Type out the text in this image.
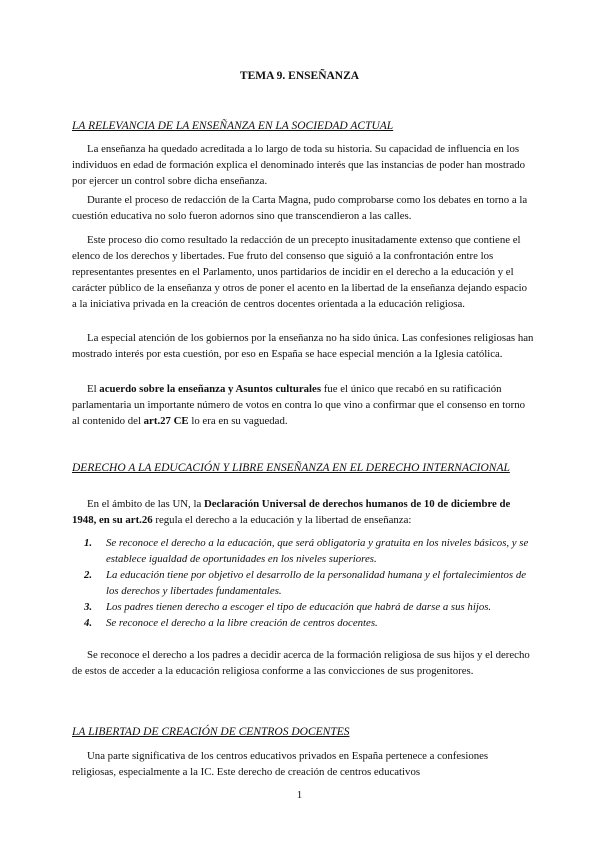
TEMA 9. ENSEÑANZA
LA RELEVANCIA DE LA ENSEÑANZA EN LA SOCIEDAD ACTUAL

La enseñanza ha quedado acreditada a lo largo de toda su historia. Su capacidad de influencia en los individuos en edad de formación explica el denominado interés que las instancias de poder han mostrado por ejercer un control sobre dicha enseñanza.

Durante el proceso de redacción de la Carta Magna, pudo comprobarse como los debates en torno a la cuestión educativa no solo fueron adornos sino que transcendieron a las calles.

Este proceso dio como resultado la redacción de un precepto inusitadamente extenso que contiene el elenco de los derechos y libertades. Fue fruto del consenso que siguió a la confrontación entre los representantes presentes en el Parlamento, unos partidarios de incidir en el derecho a la educación y el carácter público de la enseñanza y otros de poner el acento en la libertad de la enseñanza dejando espacio a la iniciativa privada en la creación de centros docentes orientada a la educación religiosa.

La especial atención de los gobiernos por la enseñanza no ha sido única. Las confesiones religiosas han mostrado interés por esta cuestión, por eso en España se hace especial mención a la Iglesia católica.

El acuerdo sobre la enseñanza y Asuntos culturales fue el único que recabó en su ratificación parlamentaria un importante número de votos en contra lo que vino a confirmar que el consenso en torno al contenido del art.27 CE lo era en su vaguedad.

DERECHO A LA EDUCACIÓN Y LIBRE ENSEÑANZA EN EL DERECHO INTERNACIONAL

En el ámbito de las UN, la Declaración Universal de derechos humanos de 10 de diciembre de 1948, en su art.26 regula el derecho a la educación y la libertad de enseñanza:

1. Se reconoce el derecho a la educación, que será obligatoria y gratuita en los niveles básicos, y se establece igualdad de oportunidades en los niveles superiores.
2. La educación tiene por objetivo el desarrollo de la personalidad humana y el fortalecimientos de los derechos y libertades fundamentales.
3. Los padres tienen derecho a escoger el tipo de educación que habrá de darse a sus hijos.
4. Se reconoce el derecho a la libre creación de centros docentes.

Se reconoce el derecho a los padres a decidir acerca de la formación religiosa de sus hijos y el derecho de estos de acceder a la educación religiosa conforme a las convicciones de sus progenitores.

LA LIBERTAD DE CREACIÓN DE CENTROS DOCENTES

Una parte significativa de los centros educativos privados en España pertenece a confesiones religiosas, especialmente a la IC. Este derecho de creación de centros educativos

1
